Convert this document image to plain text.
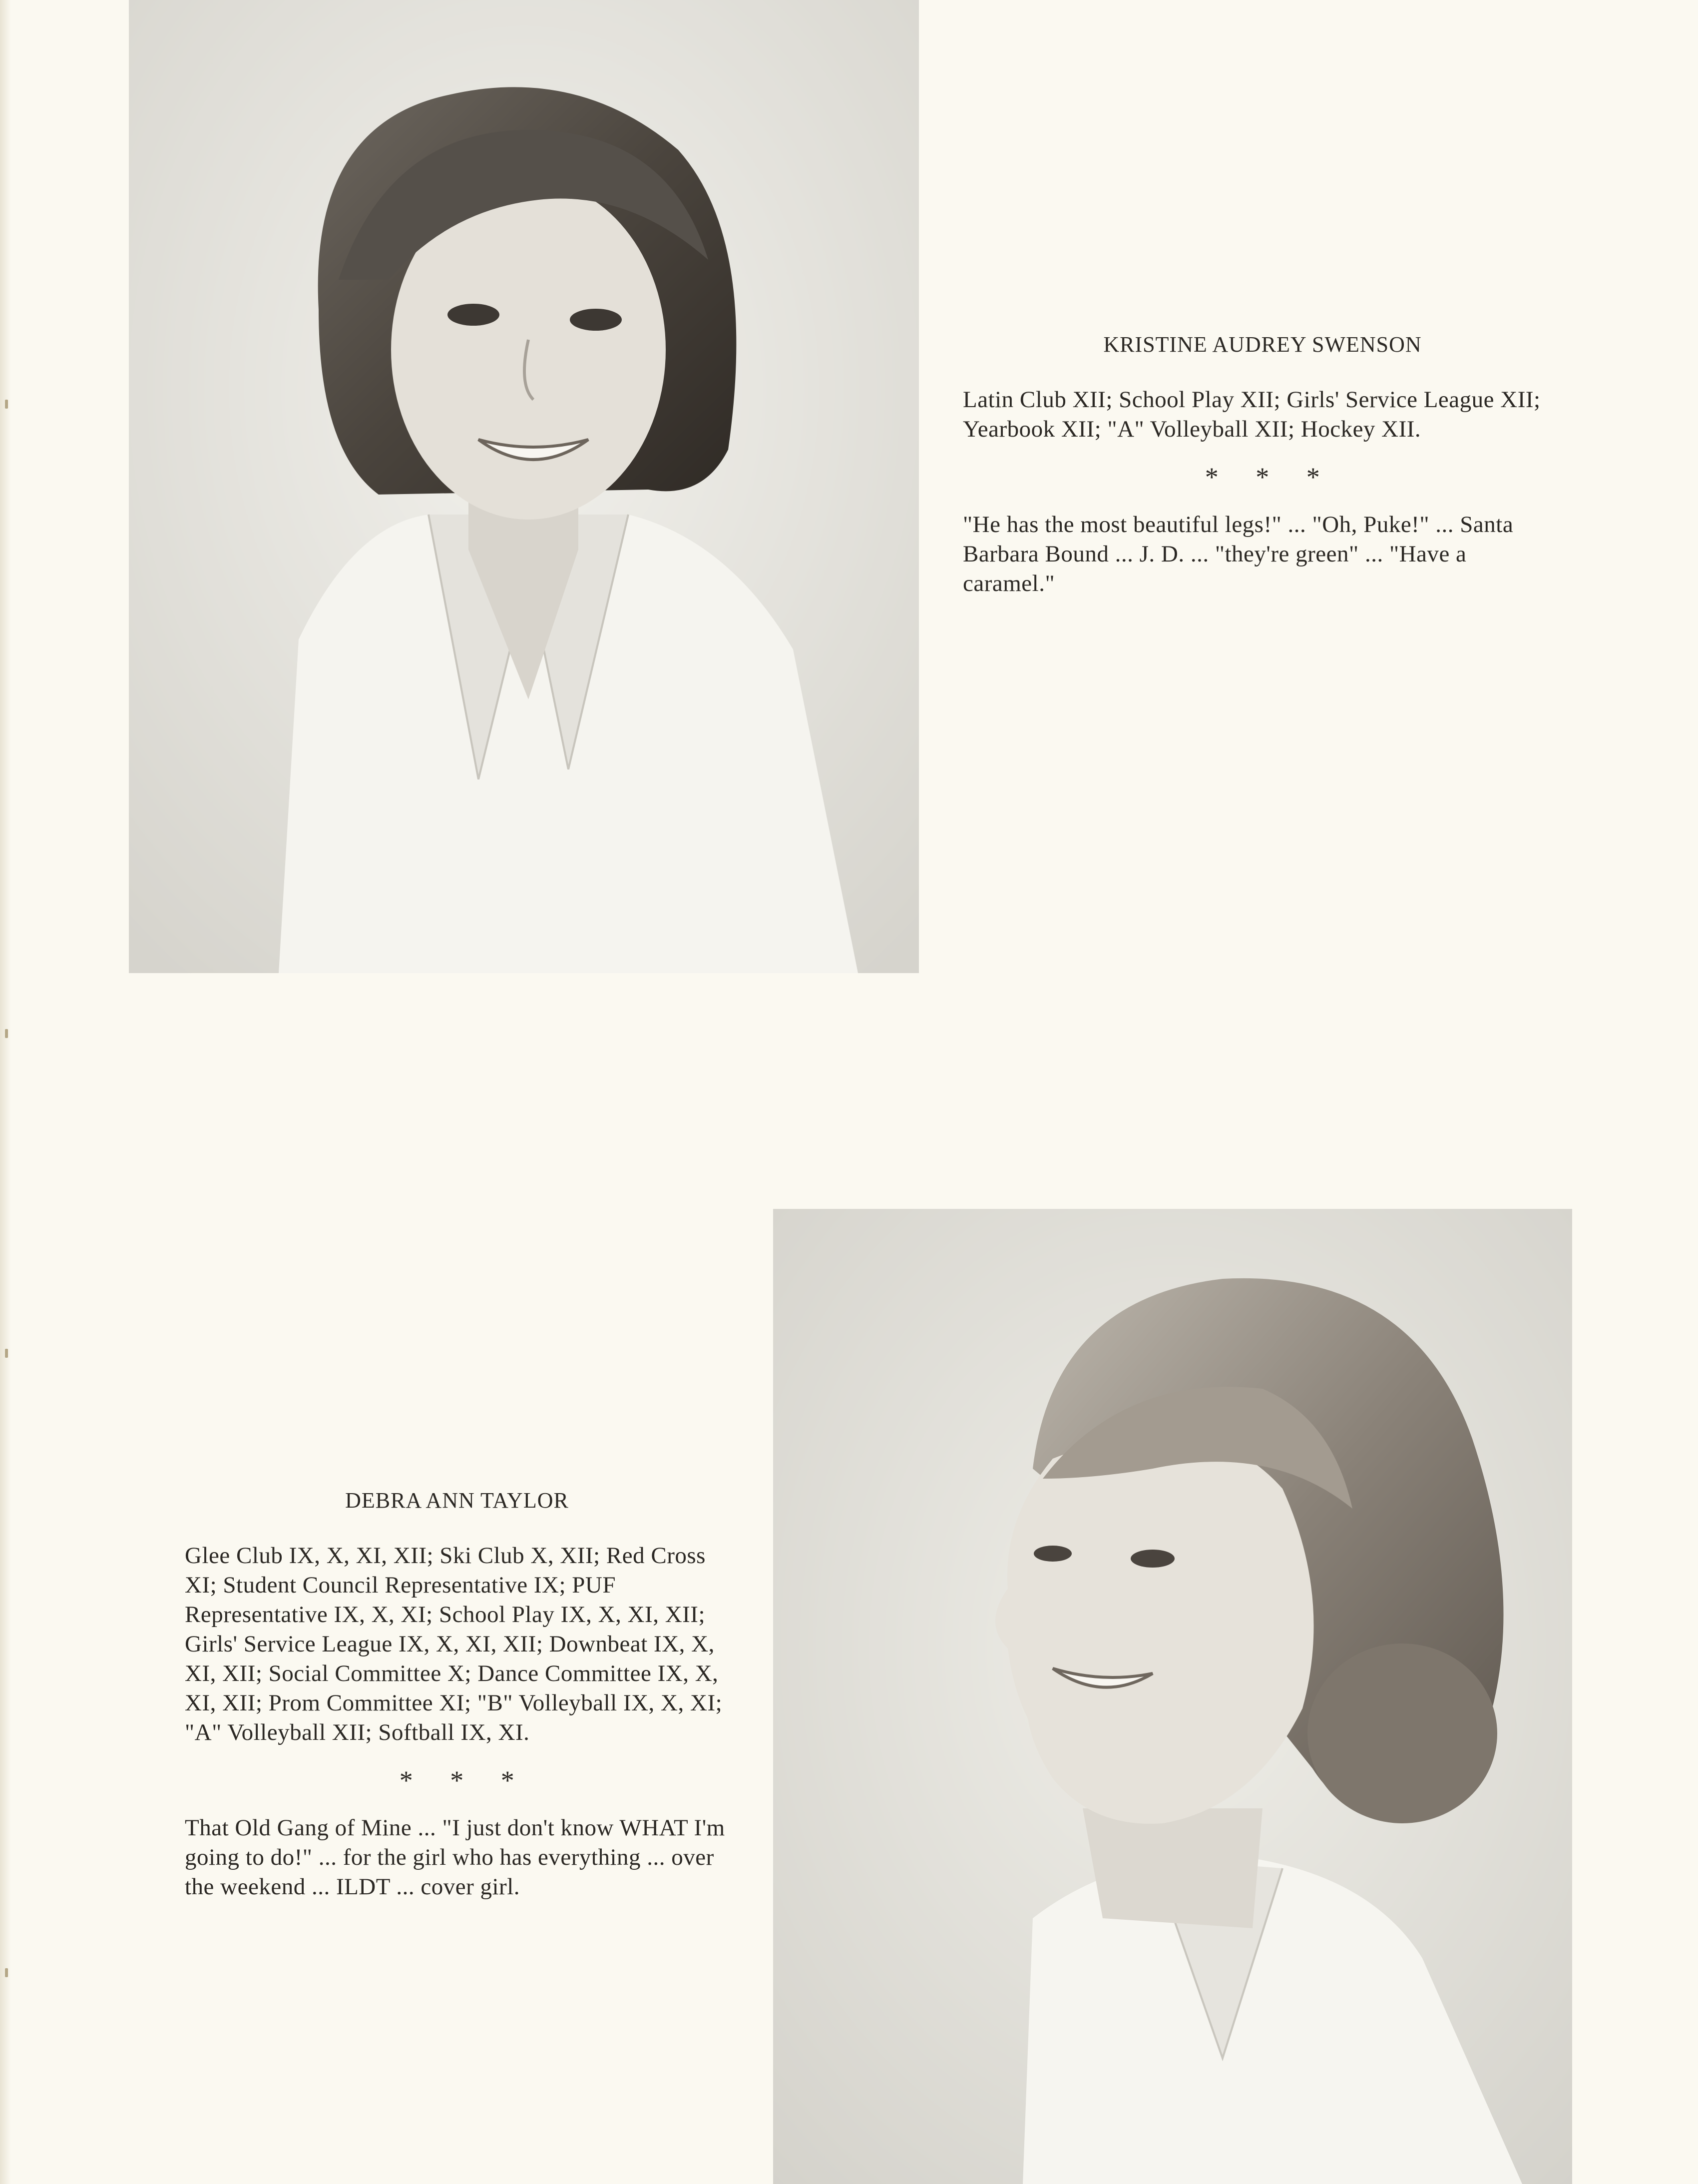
KRISTINE AUDREY SWENSON

Latin Club XII; School Play XII; Girls' Service League XII; Yearbook XII; "A" Volleyball XII; Hockey XII.

* * *

"He has the most beautiful legs!" ... "Oh, Puke!" ... Santa Barbara Bound ... J. D. ... "they're green" ... "Have a caramel."

DEBRA ANN TAYLOR

Glee Club IX, X, XI, XII; Ski Club X, XII; Red Cross XI; Student Council Representative IX; PUF Representative IX, X, XI; School Play IX, X, XI, XII; Girls' Service League IX, X, XI, XII; Downbeat IX, X, XI, XII; Social Committee X; Dance Committee IX, X, XI, XII; Prom Committee XI; "B" Volleyball IX, X, XI; "A" Volleyball XII; Softball IX, XI.

* * *

That Old Gang of Mine ... "I just don't know WHAT I'm going to do!" ... for the girl who has everything ... over the weekend ... ILDT ... cover girl.
